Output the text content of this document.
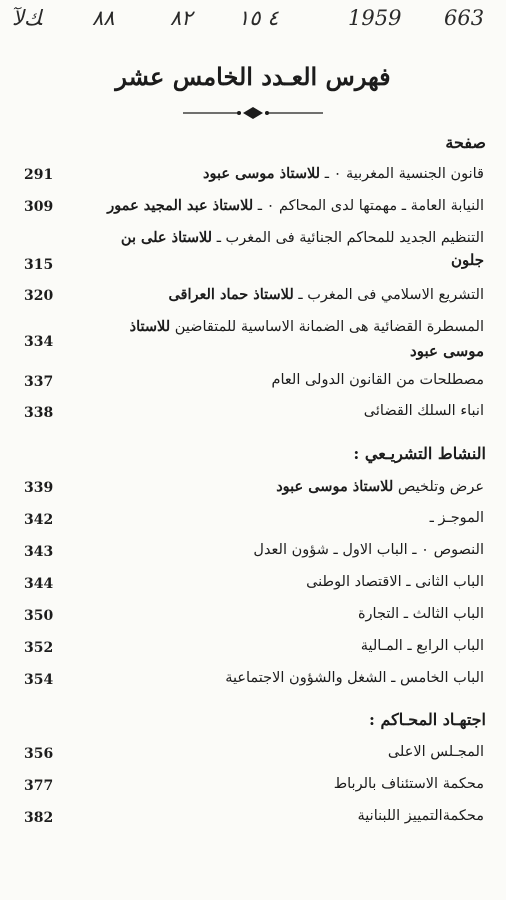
ﻚﻵ ٨٨	٨٢ ٤ ١٥	1959 663
فهرس العـدد الخامس عشر
صفحة
قانون الجنسية المغربية ٠ ـ للاستاذ موسى عبود
291
النيابة العامة ـ مهمتها لدى المحاكم ٠ ـ للاستاذ عبد المجيد عمور
309
التنظيم الجديد للمحاكم الجنائية فى المغرب ـ للاستاذ على بن
جلون
315
التشريع الاسلامي فى المغرب ـ للاستاذ حماد العراقى
320
المسطرة القضائية هى الضمانة الاساسية للمتقاضين للاستاذ
موسى عبود
334
مصطلحات من القانون الدولى العام
337
انباء السلك القضائى
338
النشاط التشريـعي :
عرض وتلخيص للاستاذ موسى عبود
339
الموجـز ـ
342
النصوص ٠ ـ الباب الاول ـ شؤون العدل
343
الباب الثانى ـ الاقتصاد الوطنى
344
الباب الثالث ـ التجارة
350
الباب الرابع ـ المـالية
352
الباب الخامس ـ الشغل والشؤون الاجتماعية
354
اجتهـاد المحـاكم :
المجـلس الاعلى
356
محكمة الاستئناف بالرباط
377
محكمةالتمييز اللبنانية
382
